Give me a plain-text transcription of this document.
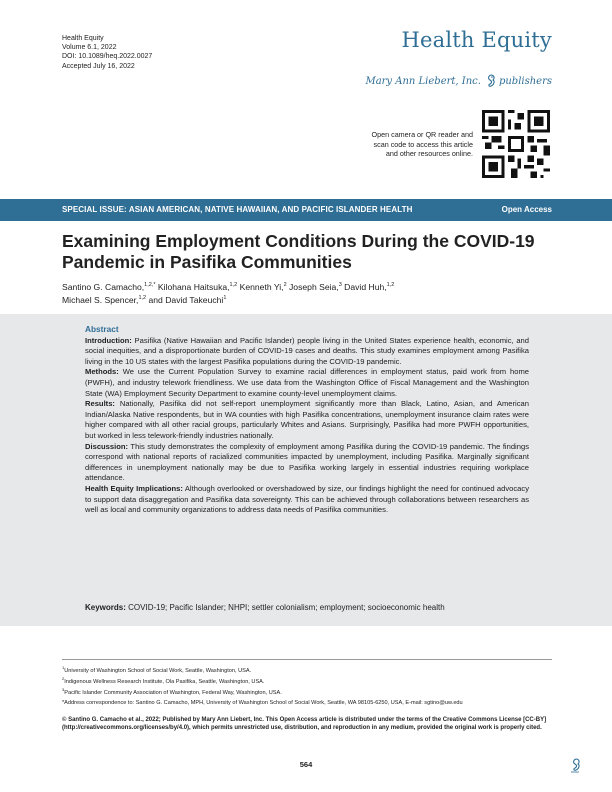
Health Equity
Volume 6.1, 2022
DOI: 10.1089/heq.2022.0027
Accepted July 16, 2022
Health Equity
Mary Ann Liebert, Inc. publishers
Open camera or QR reader and
scan code to access this article
and other resources online.
SPECIAL ISSUE: ASIAN AMERICAN, NATIVE HAWAIIAN, AND PACIFIC ISLANDER HEALTH	Open Access
Examining Employment Conditions During the COVID-19
Pandemic in Pasifika Communities
Santino G. Camacho,$^{1,2,*}$ Kilohana Haitsuka,$^{1,2}$ Kenneth Yi,$^2$ Joseph Seia,$^3$ David Huh,$^{1,2}$
Michael S. Spencer,$^{1,2}$ and David Takeuchi$^1$
Abstract

Introduction: Pasifika (Native Hawaiian and Pacific Islander) people living in the United States experience health, economic, and social inequities, and a disproportionate burden of COVID-19 cases and deaths. This study examines employment among Pasifika living in the 10 US states with the largest Pasifika populations during the COVID-19 pandemic.

Methods: We use the Current Population Survey to examine racial differences in employment status, paid work from home (PWFH), and industry telework friendliness. We use data from the Washington Office of Fiscal Management and the Washington State (WA) Employment Security Department to examine county-level unemployment claims.

Results: Nationally, Pasifika did not self-report unemployment significantly more than Black, Latino, Asian, and American Indian/Alaska Native respondents, but in WA counties with high Pasifika concentrations, unemployment insurance claim rates were higher compared with all other racial groups, particularly Whites and Asians. Surprisingly, Pasifika had more PWFH opportunities, but worked in less telework-friendly industries nationally.

Discussion: This study demonstrates the complexity of employment among Pasifika during the COVID-19 pandemic. The findings correspond with national reports of racialized communities impacted by unemployment, including Pasifika. Marginally significant differences in unemployment nationally may be due to Pasifika working largely in essential industries requiring workplace attendance.

Health Equity Implications: Although overlooked or overshadowed by size, our findings highlight the need for continued advocacy to support data disaggregation and Pasifika data sovereignty. This can be achieved through collaborations between researchers as well as local and community organizations to address data needs of Pasifika communities.

Keywords: COVID-19; Pacific Islander; NHPI; settler colonialism; employment; socioeconomic health
$^1$University of Washington School of Social Work, Seattle, Washington, USA.
$^2$Indigenous Wellness Research Institute, Ola Pasifika, Seattle, Washington, USA.
$^3$Pacific Islander Community Association of Washington, Federal Way, Washington, USA.
*Address correspondence to: Santino G. Camacho, MPH, University of Washington School of Social Work, Seattle, WA 98105-6250, USA, E-mail: sgtino@uw.edu
© Santino G. Camacho et al., 2022; Published by Mary Ann Liebert, Inc. This Open Access article is distributed under the terms of the Creative Commons License [CC-BY] (http://creativecommons.org/licenses/by/4.0), which permits unrestricted use, distribution, and reproduction in any medium, provided the original work is properly cited.
564
